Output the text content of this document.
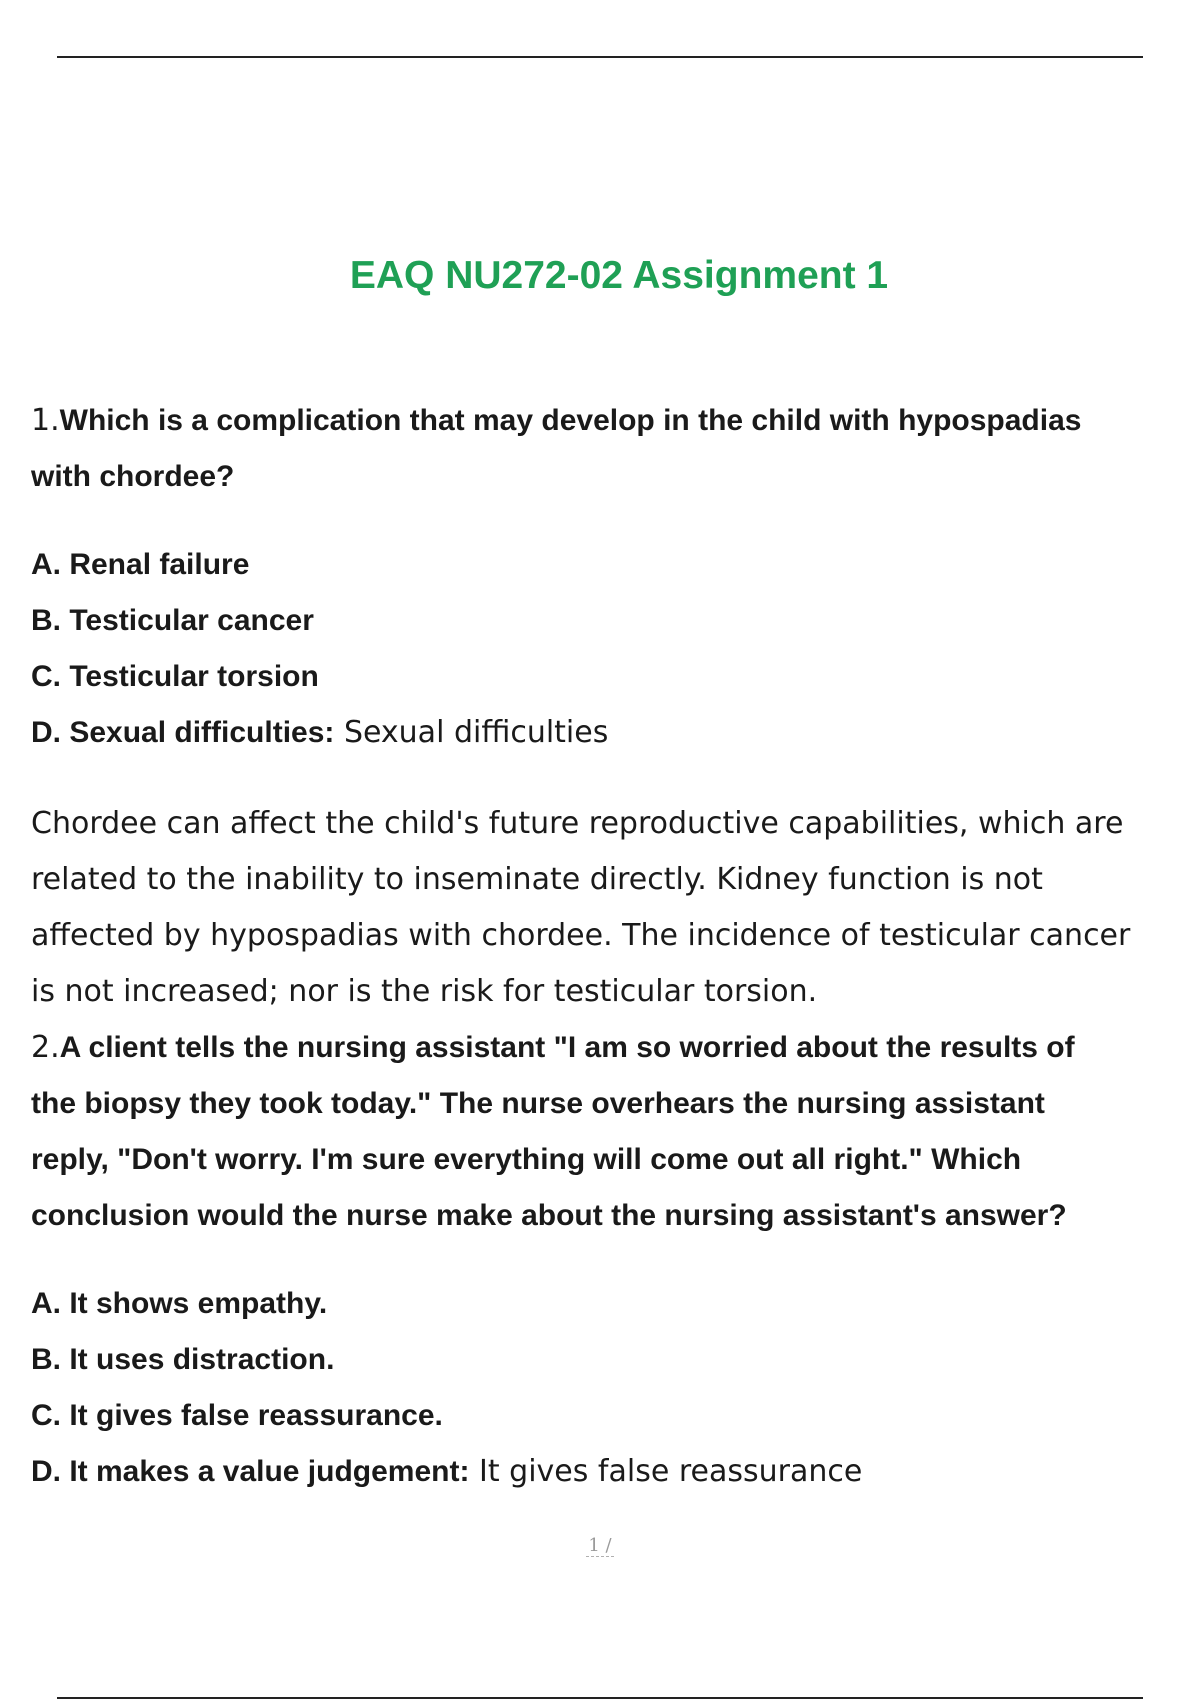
EAQ NU272-02 Assignment 1

1.Which is a complication that may develop in the child with hypospadias

with chordee?

A. Renal failure
B. Testicular cancer
C. Testicular torsion
D. Sexual difficulties: Sexual difficulties

Chordee can affect the child's future reproductive capabilities, which are

related to the inability to inseminate directly. Kidney function is not

affected by hypospadias with chordee. The incidence of testicular cancer

is not increased; nor is the risk for testicular torsion.

2.A client tells the nursing assistant "I am so worried about the results of

the biopsy they took today." The nurse overhears the nursing assistant

reply, "Don't worry. I'm sure everything will come out all right." Which

conclusion would the nurse make about the nursing assistant's answer?

A. It shows empathy.
B. It uses distraction.
C. It gives false reassurance.
D. It makes a value judgement: It gives false reassurance
1 /
